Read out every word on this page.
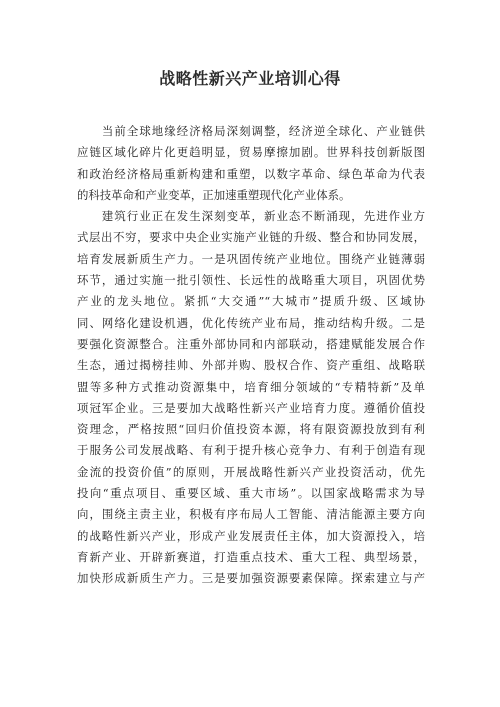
战略性新兴产业培训心得
　　当前全球地缘经济格局深刻调整，经济逆全球化、产业链供
应链区域化碎片化更趋明显，贸易摩擦加剧。世界科技创新版图
和政治经济格局重新构建和重塑，以数字革命、绿色革命为代表
的科技革命和产业变革，正加速重塑现代化产业体系。
　　建筑行业正在发生深刻变革，新业态不断涌现，先进作业方
式层出不穷，要求中央企业实施产业链的升级、整合和协同发展，
培育发展新质生产力。一是巩固传统产业地位。围绕产业链薄弱
环节，通过实施一批引领性、长远性的战略重大项目，巩固优势
产业的龙头地位。紧抓“大交通”“大城市”提质升级、区域协
同、网络化建设机遇，优化传统产业布局，推动结构升级。二是
要强化资源整合。注重外部协同和内部联动，搭建赋能发展合作
生态，通过揭榜挂帅、外部并购、股权合作、资产重组、战略联
盟等多种方式推动资源集中，培育细分领域的“专精特新”及单
项冠军企业。三是要加大战略性新兴产业培育力度。遵循价值投
资理念，严格按照“回归价值投资本源，将有限资源投放到有利
于服务公司发展战略、有利于提升核心竞争力、有利于创造有现
金流的投资价值”的原则，开展战略性新兴产业投资活动，优先
投向“重点项目、重要区域、重大市场”。以国家战略需求为导
向，围绕主责主业，积极有序布局人工智能、清洁能源主要方向
的战略性新兴产业，形成产业发展责任主体，加大资源投入，培
育新产业、开辟新赛道，打造重点技术、重大工程、典型场景，
加快形成新质生产力。三是要加强资源要素保障。探索建立与产
